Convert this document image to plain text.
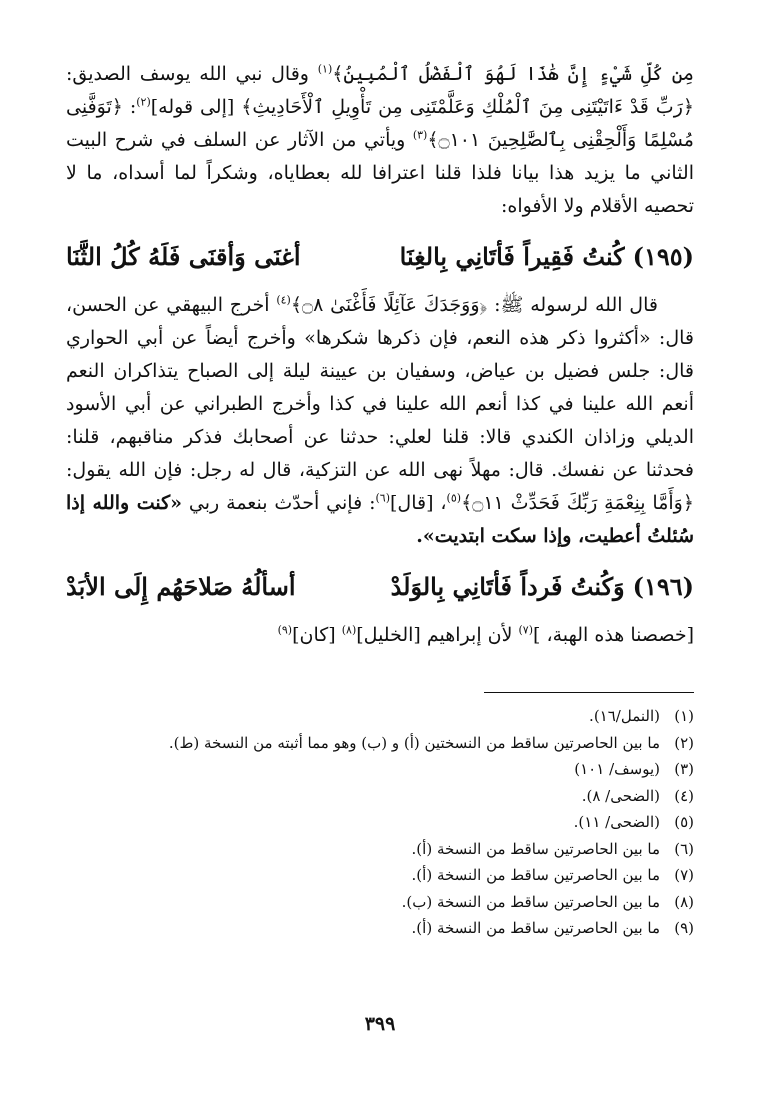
مِن كُلِّ شَيْءٍ إِنَّ هَٰذَا لَهُوَ ٱلْفَضْلُ ٱلْمُبِينُ﴾$^{(١)}$ وقال نبي الله يوسف الصديق: ﴿رَبِّ قَدْ ءَاتَيْتَنِى مِنَ ٱلْمُلْكِ وَعَلَّمْتَنِى مِن تَأْوِيلِ ٱلْأَحَادِيثِ﴾ [إلى قوله]$^{(٢)}$: ﴿تَوَفَّنِى مُسْلِمًا وَأَلْحِقْنِى بِٱلصَّٰلِحِينَ ۝١٠١﴾$^{(٣)}$ ويأتي من الآثار عن السلف في شرح البيت الثاني ما يزيد هذا بيانا فلذا قلنا اعترافا لله بعطاياه، وشكراً لما أسداه، ما لا تحصيه الأقلام ولا الأفواه:

(١٩٥)
كُنتُ فَقِيراً فَأتَانِي بِالغِنَا
أغنَى وَأقنَى فَلَهُ كُلُ الثَّنَا

قال الله لرسوله ﷺ: ﴿وَوَجَدَكَ عَآئِلًا فَأَغْنَىٰ ۝٨﴾$^{(٤)}$ أخرج البيهقي عن الحسن، قال: «أكثروا ذكر هذه النعم، فإن ذكرها شكرها» وأخرج أيضاً عن أبي الحواري قال: جلس فضيل بن عياض، وسفيان بن عيينة ليلة إلى الصباح يتذاكران النعم أنعم الله علينا في كذا أنعم الله علينا في كذا وأخرج الطبراني عن أبي الأسود الديلي وزاذان الكندي قالا: قلنا لعلي: حدثنا عن أصحابك فذكر مناقبهم، قلنا: فحدثنا عن نفسك. قال: مهلاً نهى الله عن التزكية، قال له رجل: فإن الله يقول: ﴿وَأَمَّا بِنِعْمَةِ رَبِّكَ فَحَدِّثْ ۝١١﴾$^{(٥)}$، [قال]$^{(٦)}$: فإني أحدّث بنعمة ربي «كنت والله إذا سُئلتُ أعطيت، وإذا سكت ابتديت».

(١٩٦)
وَكُنتُ فَرداً فَأتَانِي بِالوَلَدْ
أسألُهُ صَلاحَهُم إِلَى الأبَدْ

[خصصنا هذه الهبة، ]$^{(٧)}$ لأن إبراهيم [الخليل]$^{(٨)}$ [كان]$^{(٩)}$

(١)(النمل/١٦).

(٢)ما بين الحاصرتين ساقط من النسختين (أ) و (ب) وهو مما أثبته من النسخة (ط).

(٣)(يوسف/ ١٠١)

(٤)(الضحى/ ٨).

(٥)(الضحى/ ١١).

(٦)ما بين الحاصرتين ساقط من النسخة (أ).

(٧)ما بين الحاصرتين ساقط من النسخة (أ).

(٨)ما بين الحاصرتين ساقط من النسخة (ب).

(٩)ما بين الحاصرتين ساقط من النسخة (أ).

٣٩٩
